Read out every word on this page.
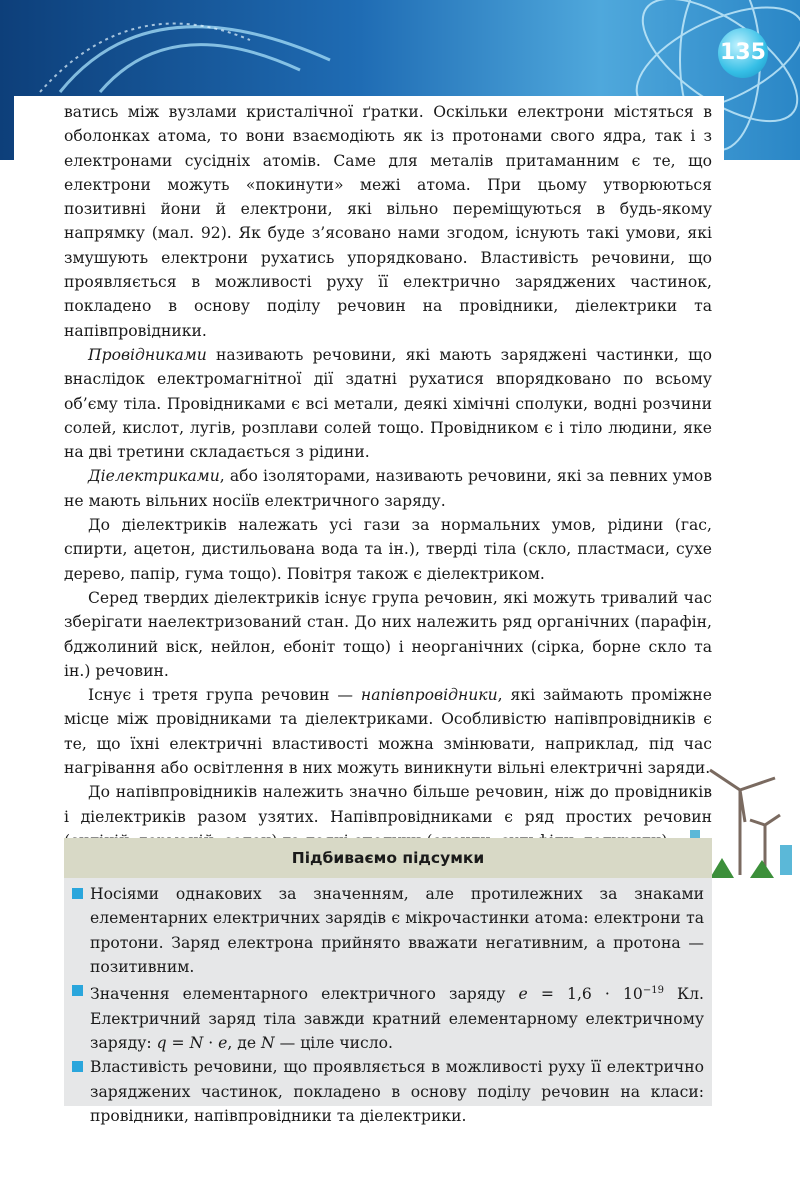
135

ватись між вузлами кристалічної ґратки. Оскільки електрони містяться в оболонках атома, то вони взаємодіють як із протонами свого ядра, так і з електронами сусідніх атомів. Саме для металів притаманним є те, що електрони можуть «покинути» межі атома. При цьому утворюються позитивні йони й електрони, які вільно переміщуються в будь-якому напрямку (мал. 92). Як буде з’ясовано нами згодом, існують такі умови, які змушують електрони рухатись упорядковано. Властивість речовини, що проявляється в можливості руху її електрично заряджених частинок, покладено в основу поділу речовин на провідники, діелектрики та напівпровідники.

Провідниками називають речовини, які мають заряджені частинки, що внаслідок електромагнітної дії здатні рухатися впорядковано по всьому об’єму тіла. Провідниками є всі метали, деякі хімічні сполуки, водні розчини солей, кислот, лугів, розплави солей тощо. Провідником є і тіло людини, яке на дві третини складається з рідини.

Діелектриками, або ізоляторами, називають речовини, які за певних умов не мають вільних носіїв електричного заряду.

До діелектриків належать усі гази за нормальних умов, рідини (гас, спирти, ацетон, дистильована вода та ін.), тверді тіла (скло, пластмаси, сухе дерево, папір, гума тощо). Повітря також є діелектриком.

Серед твердих діелектриків існує група речовин, які можуть тривалий час зберігати наелектризований стан. До них належить ряд органічних (парафін, бджолиний віск, нейлон, ебоніт тощо) і неорганічних (сірка, борне скло та ін.) речовин.

Існує і третя група речовин — напівпровідники, які займають проміжне місце між провідниками та діелектриками. Особливістю напівпровідників є те, що їхні електричні властивості можна змінювати, наприклад, під час нагрівання або освітлення в них можуть виникнути вільні електричні заряди.

До напівпровідників належить значно більше речовин, ніж до провідників і діелектриків разом узятих. Напівпровідниками є ряд простих речовин

Підбиваємо підсумки
Носіями однакових за значенням, але протилежних за знаками елементарних електричних зарядів є мікрочастинки атома: електрони та протони. Заряд електрона прийнято вважати негативним, а протона — позитивним.
Значення елементарного електричного заряду $e = 1,6 \cdot 10^{-19}$ Кл. Електричний заряд тіла завжди кратний елементарному електричному заряду: q = N · e, де N — ціле число.
Властивість речовини, що проявляється в можливості руху її електрично заряджених частинок, покладено в основу поділу речовин на класи: провідники, напівпровідники та діелектрики.
